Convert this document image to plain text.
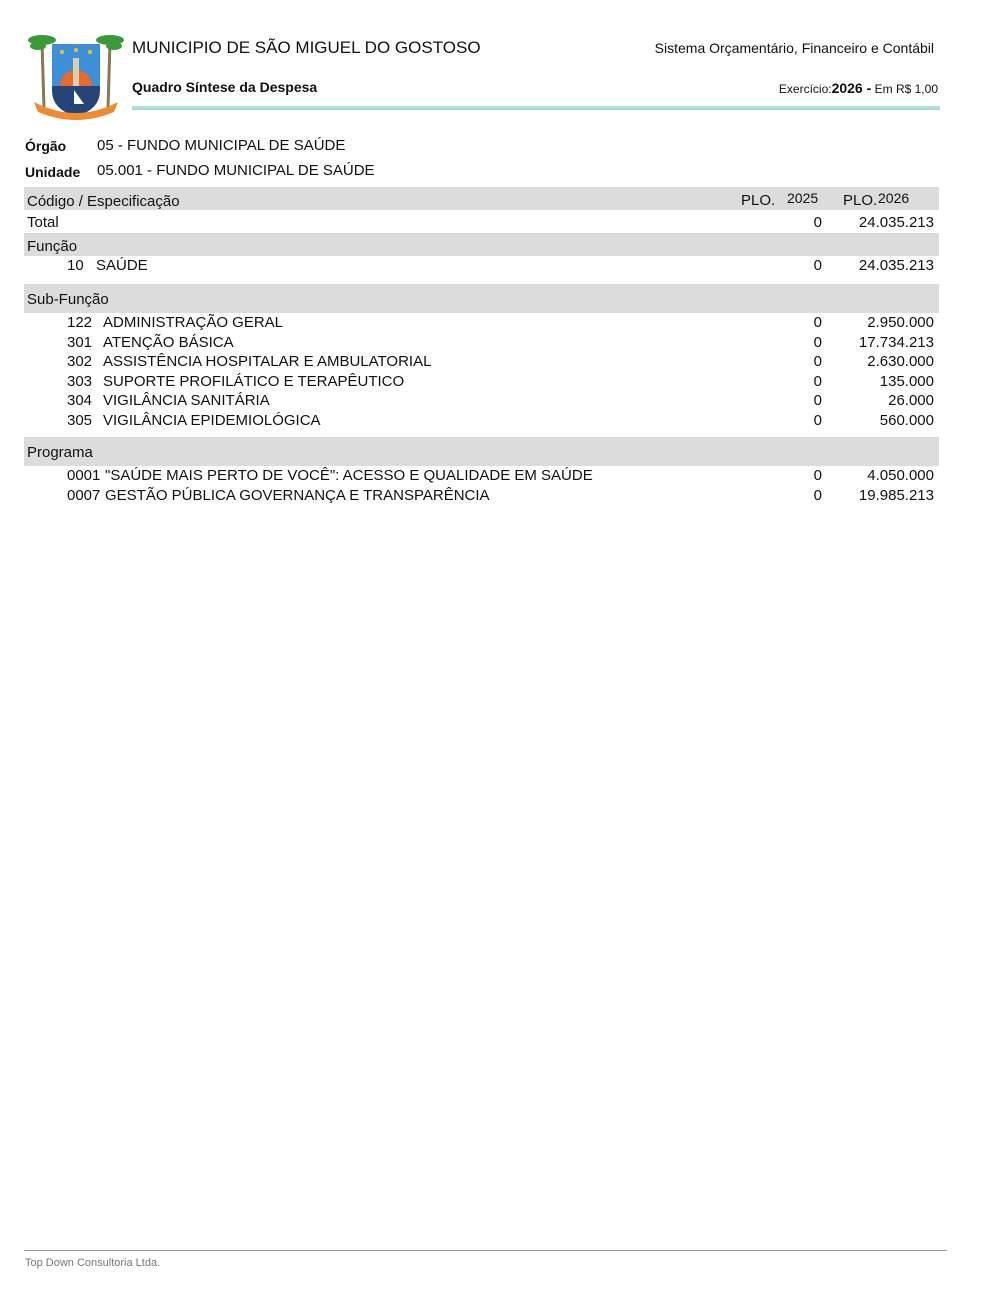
MUNICIPIO DE SÃO MIGUEL DO GOSTOSO	Sistema Orçamentário, Financeiro e Contábil
Quadro Síntese da Despesa	Exercício:2026 - Em R$ 1,00
Órgão 05 - FUNDO MUNICIPAL DE SAÚDE
Unidade 05.001 - FUNDO MUNICIPAL DE SAÚDE
Código / Especificação	PLO. 2025 PLO. 2026
Total	0 24.035.213
Função
10 SAÚDE	0 24.035.213
Sub-Função
122 ADMINISTRAÇÃO GERAL	0	2.950.000
301 ATENÇÃO BÁSICA	0 17.734.213
302 ASSISTÊNCIA HOSPITALAR E AMBULATORIAL	0	2.630.000
303 SUPORTE PROFILÁTICO E TERAPÊUTICO	0	135.000
304 VIGILÂNCIA SANITÁRIA	0	26.000
305 VIGILÂNCIA EPIDEMIOLÓGICA	0	560.000
Programa
0001 "SAÚDE MAIS PERTO DE VOCÊ": ACESSO E QUALIDADE EM SAÚDE	0	4.050.000
0007 GESTÃO PÚBLICA GOVERNANÇA E TRANSPARÊNCIA	0 19.985.213
Top Down Consultoria Ltda.
